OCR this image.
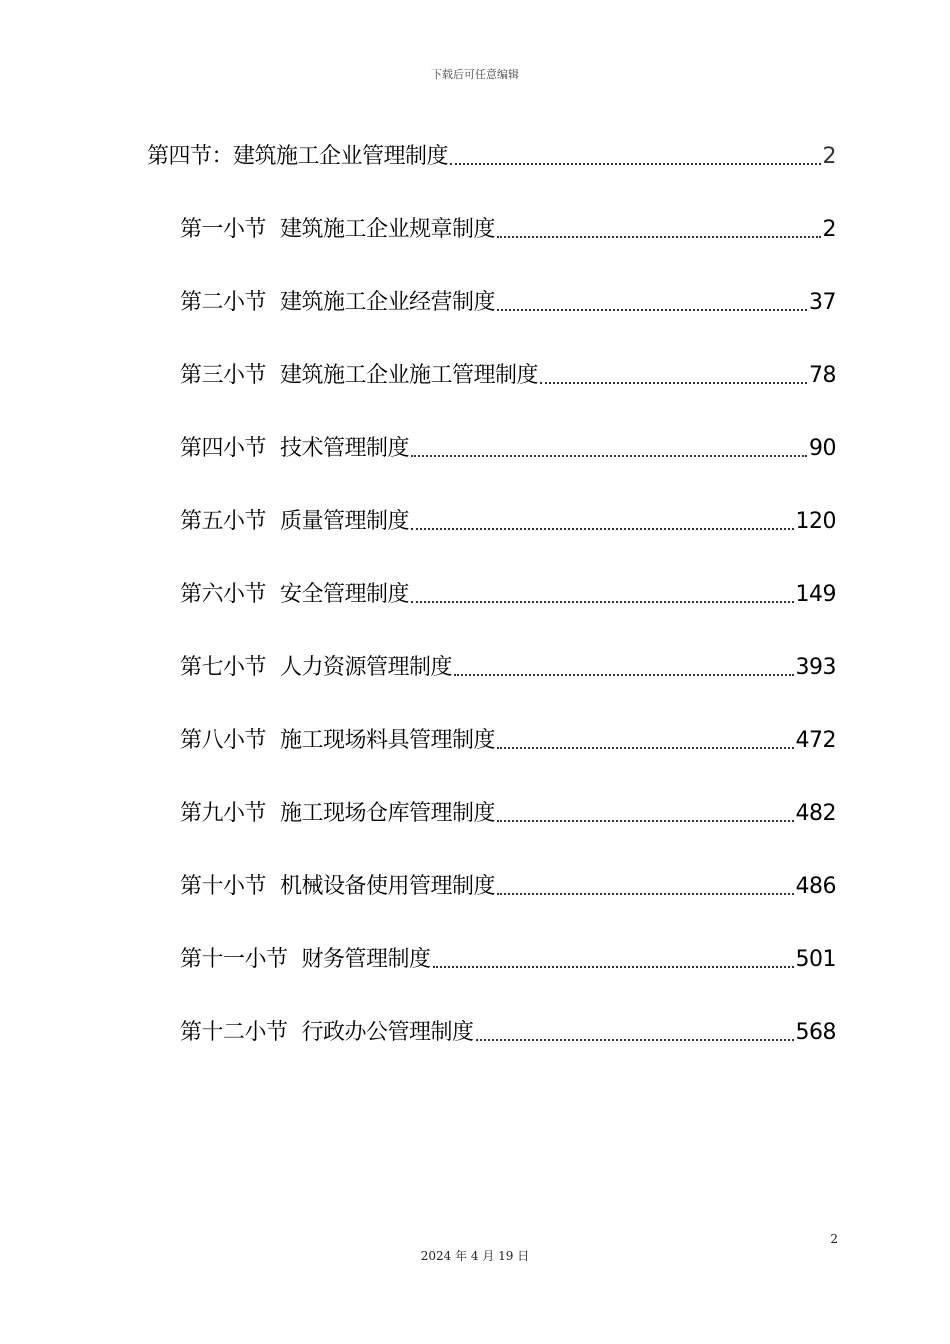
下载后可任意编辑
第四节：建筑施工企业管理制度	2
第一小节 建筑施工企业规章制度	2
第二小节 建筑施工企业经营制度	37
第三小节 建筑施工企业施工管理制度	78
第四小节 技术管理制度	90
第五小节 质量管理制度	120
第六小节 安全管理制度	149
第七小节 人力资源管理制度	393
第八小节 施工现场料具管理制度	472
第九小节 施工现场仓库管理制度	482
第十小节 机械设备使用管理制度	486
第十一小节 财务管理制度	501
第十二小节 行政办公管理制度	568
2
2024 年 4 月 19 日
